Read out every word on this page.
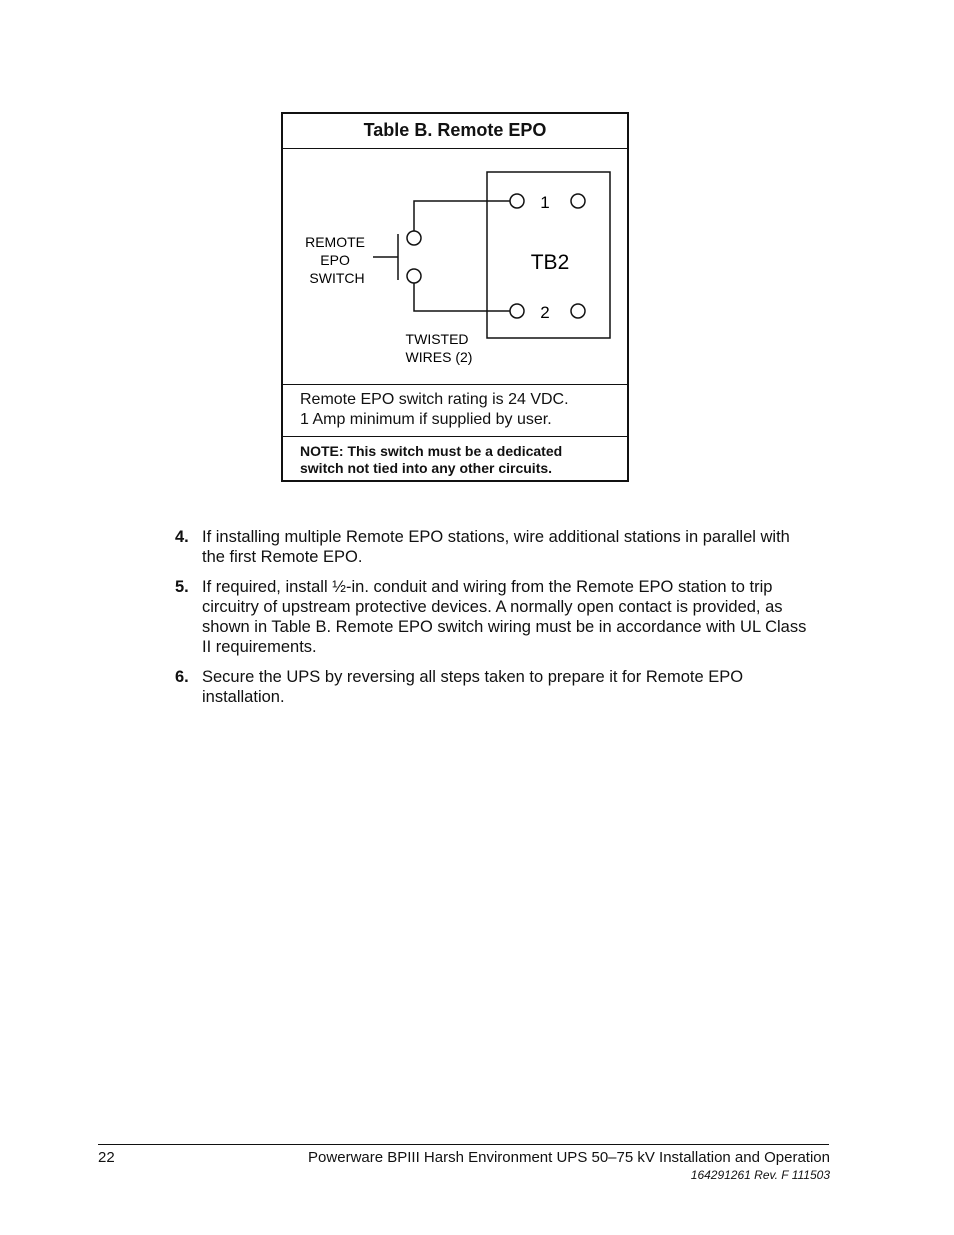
Table B. Remote EPO
1
2
TB2
REMOTE EPO SWITCH
TWISTED WIRES (2)
Remote EPO switch rating is 24 VDC.
1 Amp minimum if supplied by user.
NOTE: This switch must be a dedicated
switch not tied into any other circuits.
4. If installing multiple Remote EPO stations, wire additional stations in parallel with the first Remote EPO.
5. If required, install ½-in. conduit and wiring from the Remote EPO station to trip circuitry of upstream protective devices. A normally open contact is provided, as shown in Table B. Remote EPO switch wiring must be in accordance with UL Class II requirements.
6. Secure the UPS by reversing all steps taken to prepare it for Remote EPO installation.
22	Powerware BPIII Harsh Environment UPS 50–75 kV Installation and Operation
164291261 Rev. F 111503
